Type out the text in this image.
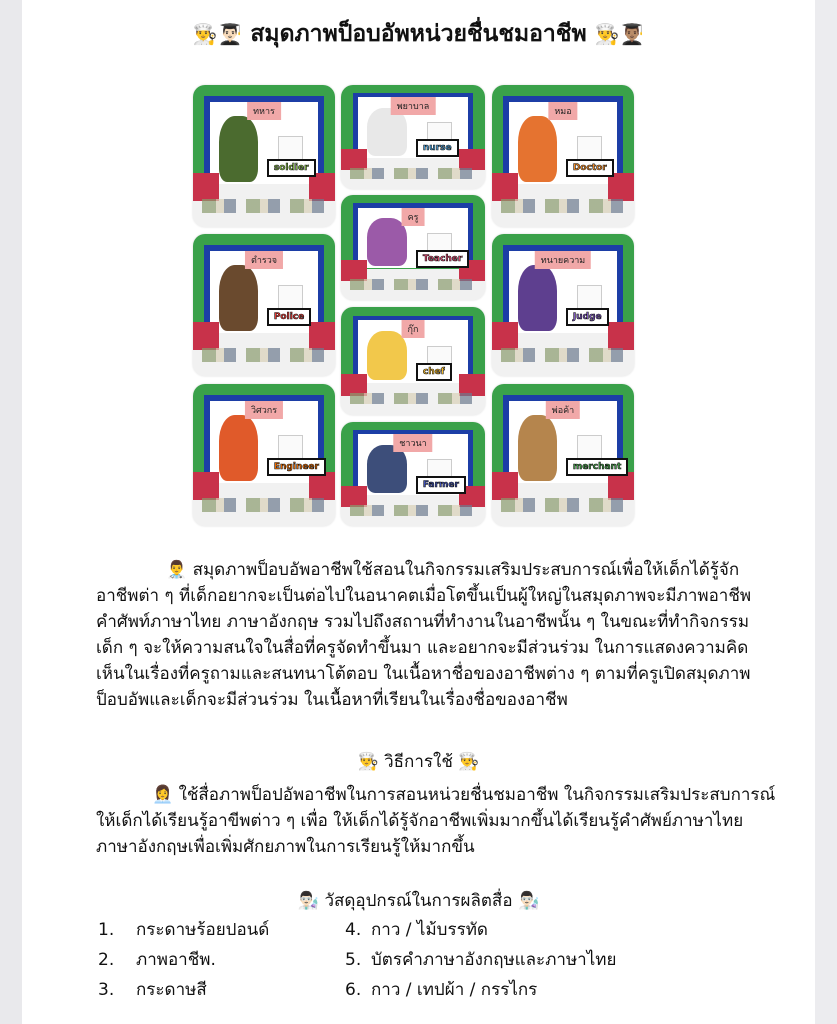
👨‍🍳👨🏻‍🎓 สมุดภาพป็อบอัพหน่วยชื่นชมอาชีพ 👨‍🍳👨🏽‍🎓
ทหาร
soldier
ตำรวจ
Police
วิศวกร
Engineer
พยาบาล
nurse
ครู
Teacher
กุ๊ก
chef
ชาวนา
Farmer
หมอ
Doctor
ทนายความ
Judge
พ่อค้า
merchant
👨‍⚕️ สมุดภาพป็อบอัพอาชีพใช้สอนในกิจกรรมเสริมประสบการณ์เพื่อให้เด็กได้รู้จักอาชีพต่า ๆ ที่เด็กอยากจะเป็นต่อไปในอนาคตเมื่อโตขึ้นเป็นผู้ใหญ่ในสมุดภาพจะมีภาพอาชีพ คำศัพท์ภาษาไทย ภาษาอังกฤษ รวมไปถึงสถานที่ทำงานในอาชีพนั้น ๆ ในขณะที่ทำกิจกรรมเด็ก ๆ จะให้ความสนใจในสื่อที่ครูจัดทำขึ้นมา และอยากจะมีส่วนร่วม ในการแสดงความคิดเห็นในเรื่องที่ครูถามและสนทนาโต้ตอบ ในเนื้อหาชื่อของอาชีพต่าง ๆ ตามที่ครูเปิดสมุดภาพป็อบอัพและเด็กจะมีส่วนร่วม ในเนื้อหาที่เรียนในเรื่องชื่อของอาชีพ
👨‍🍳 วิธีการใช้ 👨‍🍳
👩‍💼 ใช้สื่อภาพป็อปอัพอาชีพในการสอนหน่วยชื่นชมอาชีพ ในกิจกรรมเสริมประสบการณ์ให้เด็กได้เรียนรู้อาขีพต่าว ๆ เพื่อ ให้เด็กได้รู้จักอาชีพเพิ่มมากขึ้นได้เรียนรู้คำศัพย์ภาษาไทย ภาษาอังกฤษเพื่อเพิ่มศักยภาพในการเรียนรู้ให้มากขึ้น
👨🏻‍🔬 วัสดุอุปกรณ์ในการผลิตสื่อ 👨🏻‍🔬
1. กระดาษร้อยปอนด์
2. ภาพอาชีพ.
3. กระดาษสี
4. กาว / ไม้บรรทัด
5. บัตรคำภาษาอังกฤษและภาษาไทย
6. กาว / เทปผ้า / กรรไกร
